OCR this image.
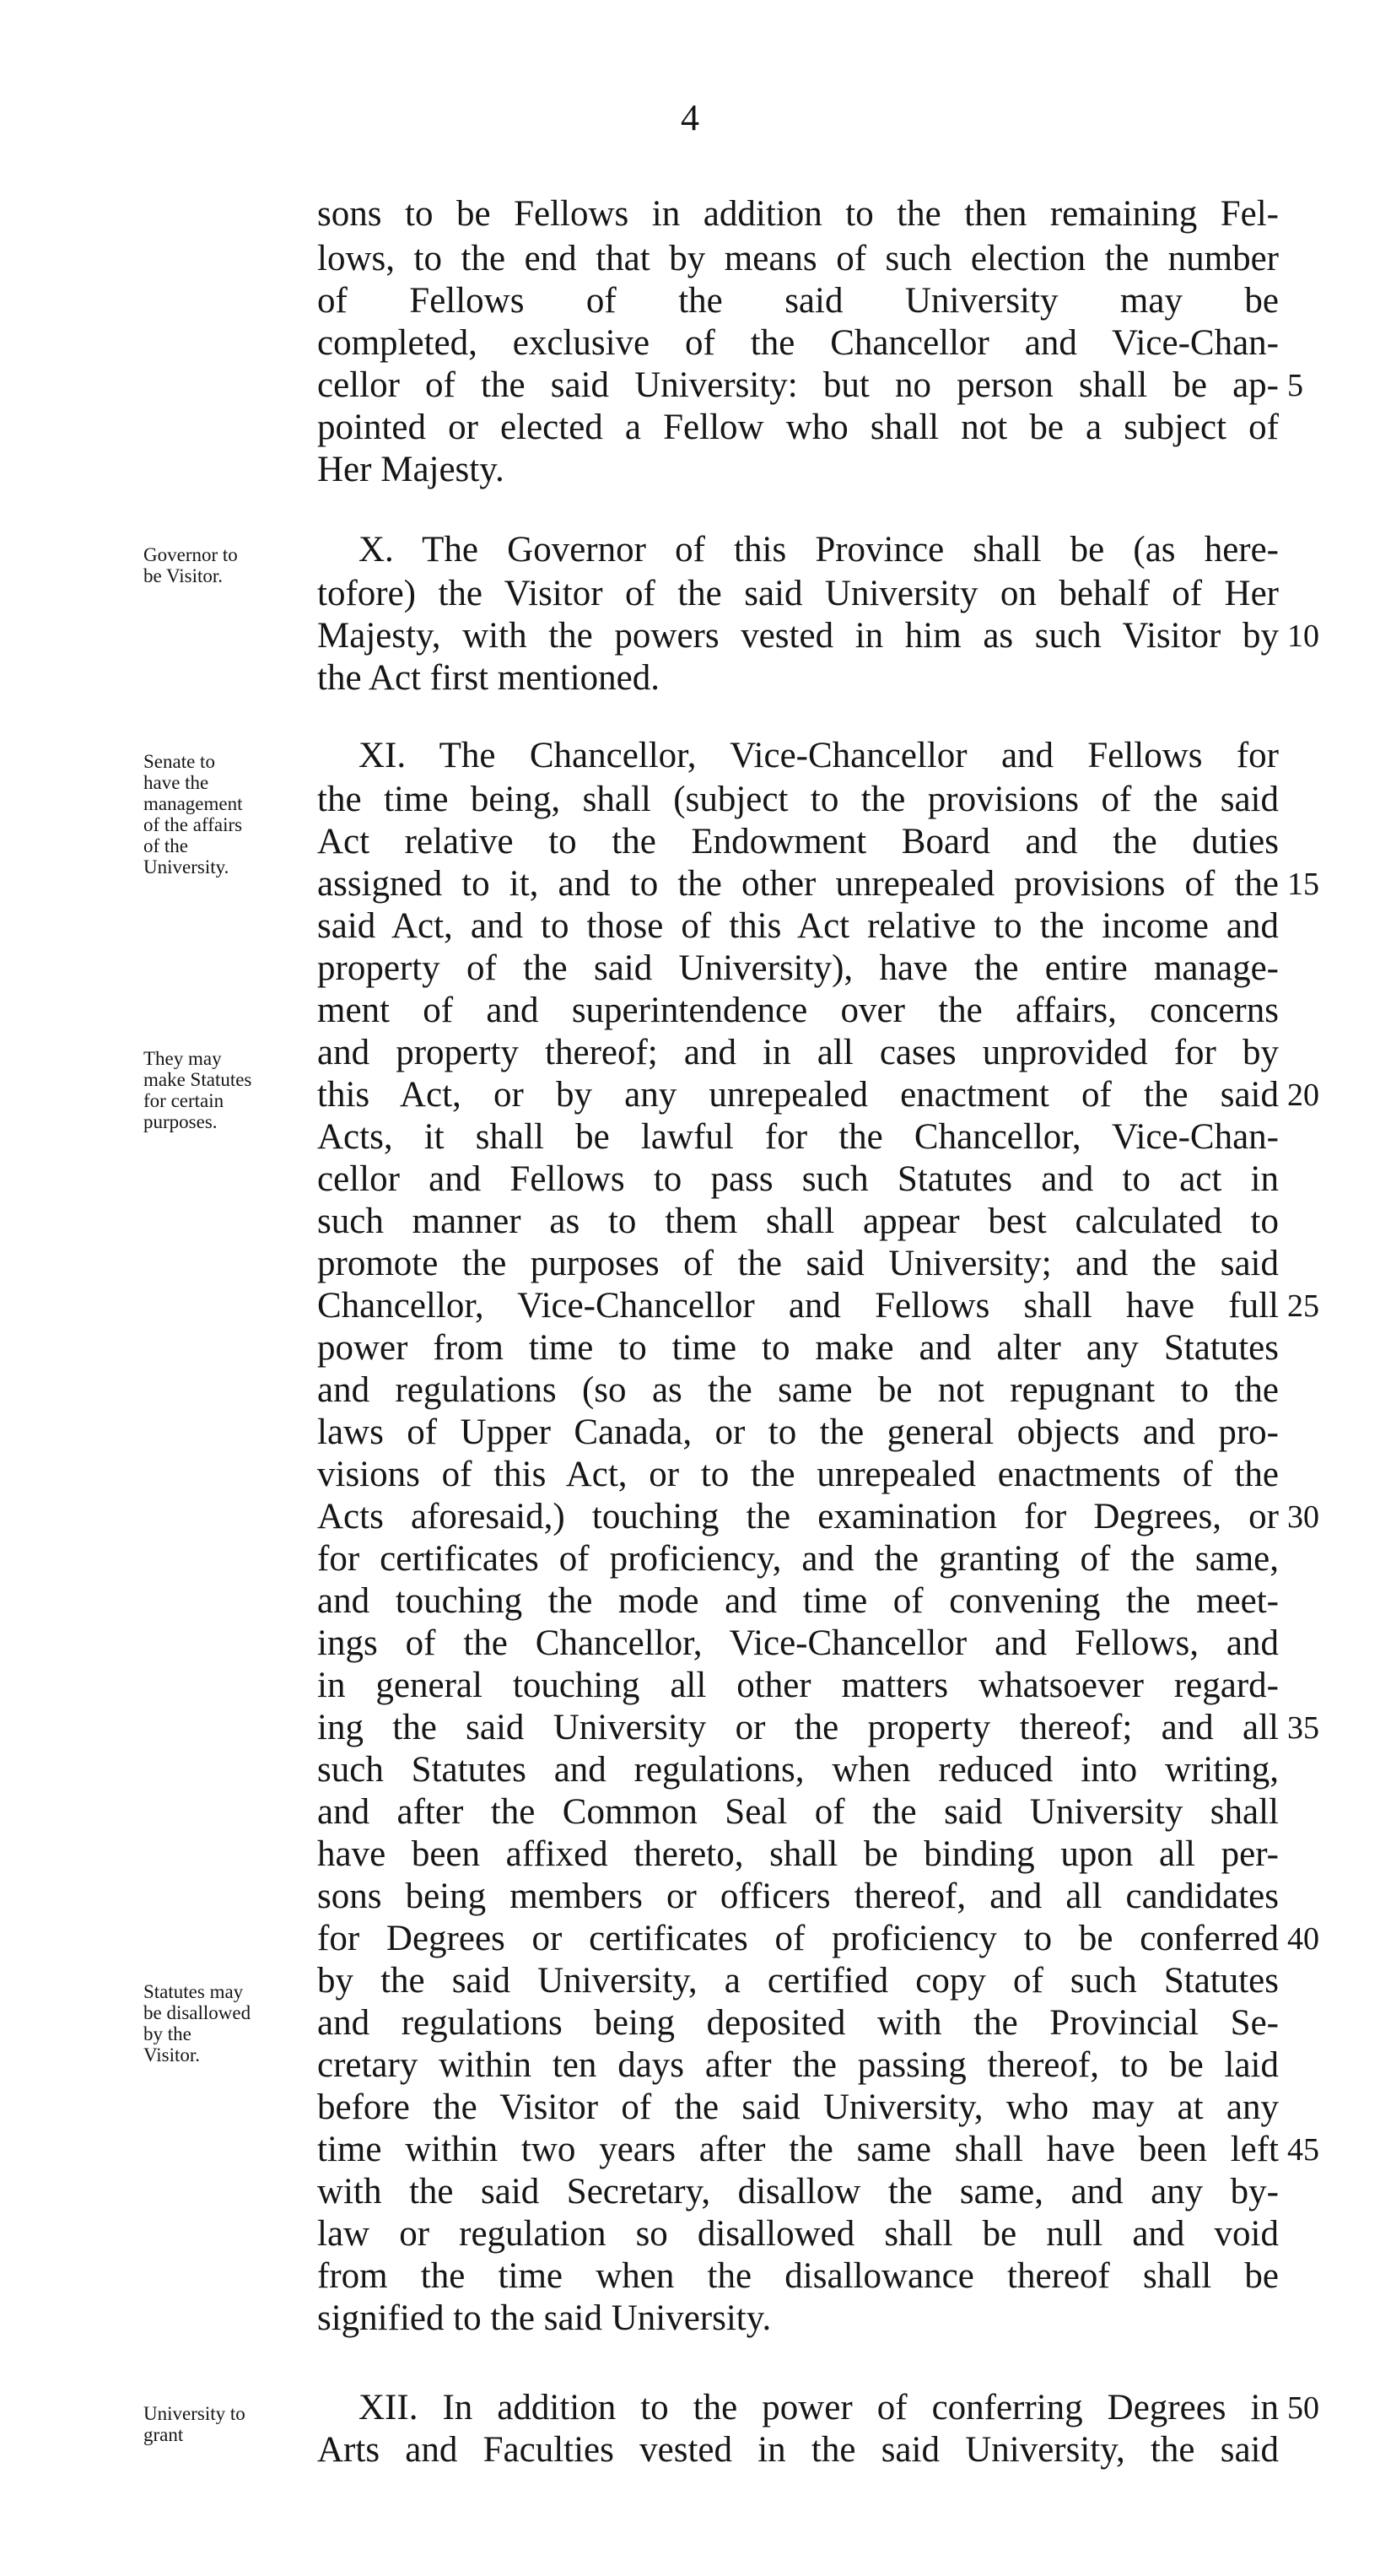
4
Governor to
be Visitor.
Senate to
have the
management
of the affairs
of the
University.
They may
make Statutes
for certain
purposes.
Statutes may
be disallowed
by the
Visitor.
University to
grant
sons to be Fellows in addition to the then remaining Fel-
lows, to the end that by means of such election the number
of Fellows of the said University may be
completed, exclusive of the Chancellor and Vice-Chan-
cellor of the said University: but no person shall be ap-
pointed or elected a Fellow who shall not be a subject of
Her Majesty.
X. The Governor of this Province shall be (as here-
tofore) the Visitor of the said University on behalf of Her
Majesty, with the powers vested in him as such Visitor by
the Act first mentioned.
XI. The Chancellor, Vice-Chancellor and Fellows for
the time being, shall (subject to the provisions of the said
Act relative to the Endowment Board and the duties
assigned to it, and to the other unrepealed provisions of the
said Act, and to those of this Act relative to the income and
property of the said University), have the entire manage-
ment of and superintendence over the affairs, concerns
and property thereof; and in all cases unprovided for by
this Act, or by any unrepealed enactment of the said
Acts, it shall be lawful for the Chancellor, Vice-Chan-
cellor and Fellows to pass such Statutes and to act in
such manner as to them shall appear best calculated to
promote the purposes of the said University; and the said
Chancellor, Vice-Chancellor and Fellows shall have full
power from time to time to make and alter any Statutes
and regulations (so as the same be not repugnant to the
laws of Upper Canada, or to the general objects and pro-
visions of this Act, or to the unrepealed enactments of the
Acts aforesaid,) touching the examination for Degrees, or
for certificates of proficiency, and the granting of the same,
and touching the mode and time of convening the meet-
ings of the Chancellor, Vice-Chancellor and Fellows, and
in general touching all other matters whatsoever regard-
ing the said University or the property thereof; and all
such Statutes and regulations, when reduced into writing,
and after the Common Seal of the said University shall
have been affixed thereto, shall be binding upon all per-
sons being members or officers thereof, and all candidates
for Degrees or certificates of proficiency to be conferred
by the said University, a certified copy of such Statutes
and regulations being deposited with the Provincial Se-
cretary within ten days after the passing thereof, to be laid
before the Visitor of the said University, who may at any
time within two years after the same shall have been left
with the said Secretary, disallow the same, and any by-
law or regulation so disallowed shall be null and void
from the time when the disallowance thereof shall be
signified to the said University.
XII. In addition to the power of conferring Degrees in
Arts and Faculties vested in the said University, the said
5
10
15
20
25
30
35
40
45
50
